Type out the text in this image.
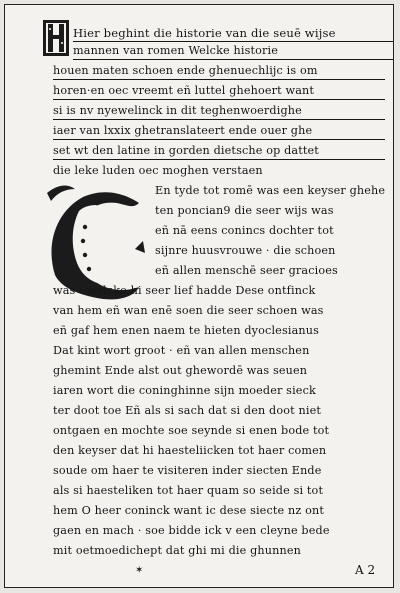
Hier beghint die historie van die seuē wijse
mannen van romen Welcke historie
houen maten schoen ende ghenuechlijc is om
horen·en oec vreemt eñ luttel ghehoert want
si is nv nyewelinck in dit teghenwoerdighe
iaer van lxxix ghetranslateert ende ouer ghe
set wt den latine in gorden dietsche op dattet
die leke luden oec moghen verstaen
En tyde tot romē was een keyser ghehe
ten poncian9 die seer wijs was
eñ nā eens conincs dochter tot
sijnre huusvrouwe · die schoen
eñ allen menschē seer gracioes
was · welcke hi seer lief hadde Dese ontfinck
van hem eñ wan enē soen die seer schoen was
eñ gaf hem enen naem te hieten dyoclesianus
Dat kint wort groot · eñ van allen menschen
ghemint Ende alst out ghewordē was seuen
iaren wort die coninghinne sijn moeder sieck
ter doot toe Eñ als si sach dat si den doot niet
ontgaen en mochte soe seynde si enen bode tot
den keyser dat hi haesteliicken tot haer comen
soude om haer te visiteren inder siecten Ende
als si haesteliken tot haer quam so seide si tot
hem O heer coninck want ic dese siecte nz ont
gaen en mach · soe bidde ick v een cleyne bede
mit oetmoedichept dat ghi mi die ghunnen
✶	A 2
